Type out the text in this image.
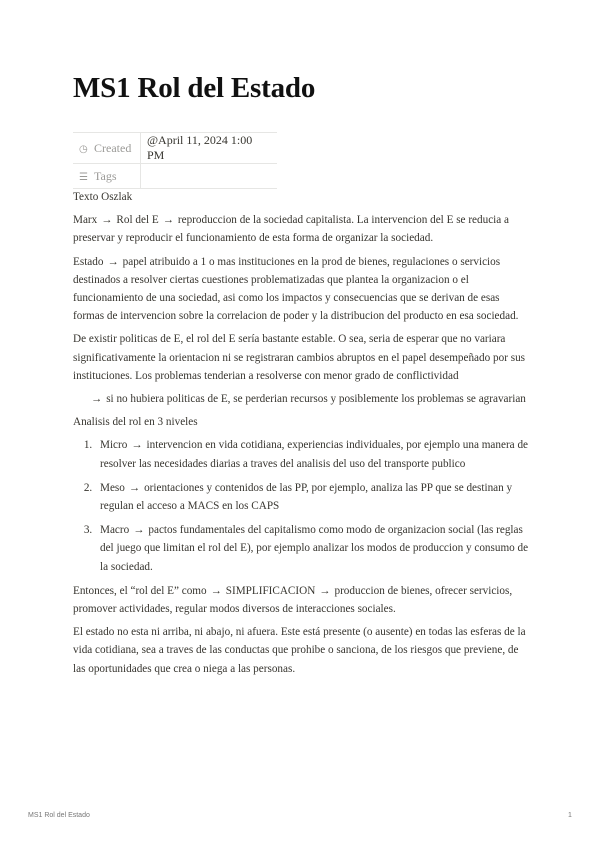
MS1 Rol del Estado
◷ Created	@April 11, 2024 1:00 PM
☰ Tags	

Texto Oszlak

Marx → Rol del E → reproduccion de la sociedad capitalista. La intervencion del E se reducia a preservar y reproducir el funcionamiento de esta forma de organizar la sociedad.

Estado → papel atribuido a 1 o mas instituciones en la prod de bienes, regulaciones o servicios destinados a resolver ciertas cuestiones problematizadas que plantea la organizacion o el funcionamiento de una sociedad, asi como los impactos y consecuencias que se derivan de esas formas de intervencion sobre la correlacion de poder y la distribucion del producto en esa sociedad.

De existir politicas de E, el rol del E sería bastante estable. O sea, seria de esperar que no variara significativamente la orientacion ni se registraran cambios abruptos en el papel desempeñado por sus instituciones. Los problemas tenderian a resolverse con menor grado de conflictividad

→ si no hubiera politicas de E, se perderian recursos y posiblemente los problemas se agravarian

Analisis del rol en 3 niveles

1. Micro → intervencion en vida cotidiana, experiencias individuales, por ejemplo una manera de resolver las necesidades diarias a traves del analisis del uso del transporte publico
2. Meso → orientaciones y contenidos de las PP, por ejemplo, analiza las PP que se destinan y regulan el acceso a MACS en los CAPS
3. Macro → pactos fundamentales del capitalismo como modo de organizacion social (las reglas del juego que limitan el rol del E), por ejemplo analizar los modos de produccion y consumo de la sociedad.

Entonces, el “rol del E” como → SIMPLIFICACION → produccion de bienes, ofrecer servicios, promover actividades, regular modos diversos de interacciones sociales.

El estado no esta ni arriba, ni abajo, ni afuera. Este está presente (o ausente) en todas las esferas de la vida cotidiana, sea a traves de las conductas que prohibe o sanciona, de los riesgos que previene, de las oportunidades que crea o niega a las personas.

MS1 Rol del Estado	1
